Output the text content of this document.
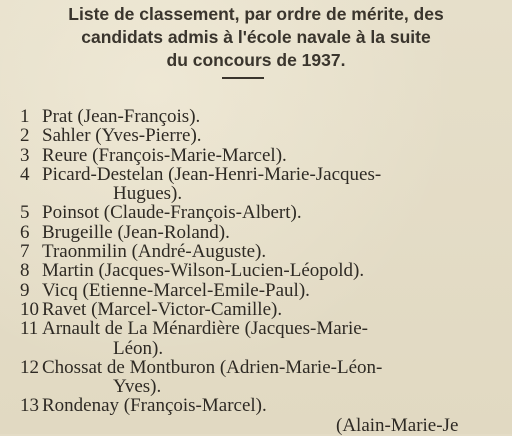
Liste de classement, par ordre de mérite, des
candidats admis à l'école navale à la suite
du concours de 1937.
1 Prat (Jean-François).
2 Sahler (Yves-Pierre).
3 Reure (François-Marie-Marcel).
4 Picard-Destelan (Jean-Henri-Marie-Jacques-
Hugues).
5 Poinsot (Claude-François-Albert).
6 Brugeille (Jean-Roland).
7 Traonmilin (André-Auguste).
8 Martin (Jacques-Wilson-Lucien-Léopold).
9 Vicq (Etienne-Marcel-Emile-Paul).
10 Ravet (Marcel-Victor-Camille).
11 Arnault de La Ménardière (Jacques-Marie-
Léon).
12 Chossat de Montburon (Adrien-Marie-Léon-
Yves).
13 Rondenay (François-Marcel).
(Alain-Marie-Je
